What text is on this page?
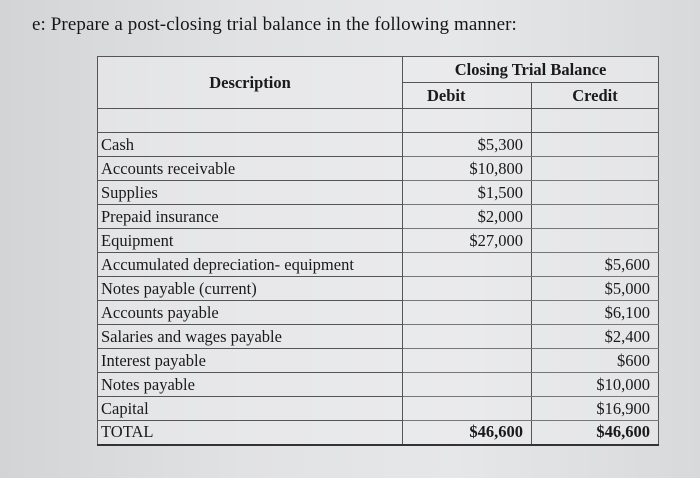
e: Prepare a post-closing trial balance in the following manner:
Description	Closing Trial Balance	
	Debit	Credit

Cash	$5,300	
Accounts receivable	$10,800	
Supplies	$1,500	
Prepaid insurance	$2,000	
Equipment	$27,000	
Accumulated depreciation- equipment		$5,600
Notes payable (current)		$5,000
Accounts payable		$6,100
Salaries and wages payable		$2,400
Interest payable		$600
Notes payable		$10,000
Capital		$16,900
TOTAL	$46,600	$46,600
